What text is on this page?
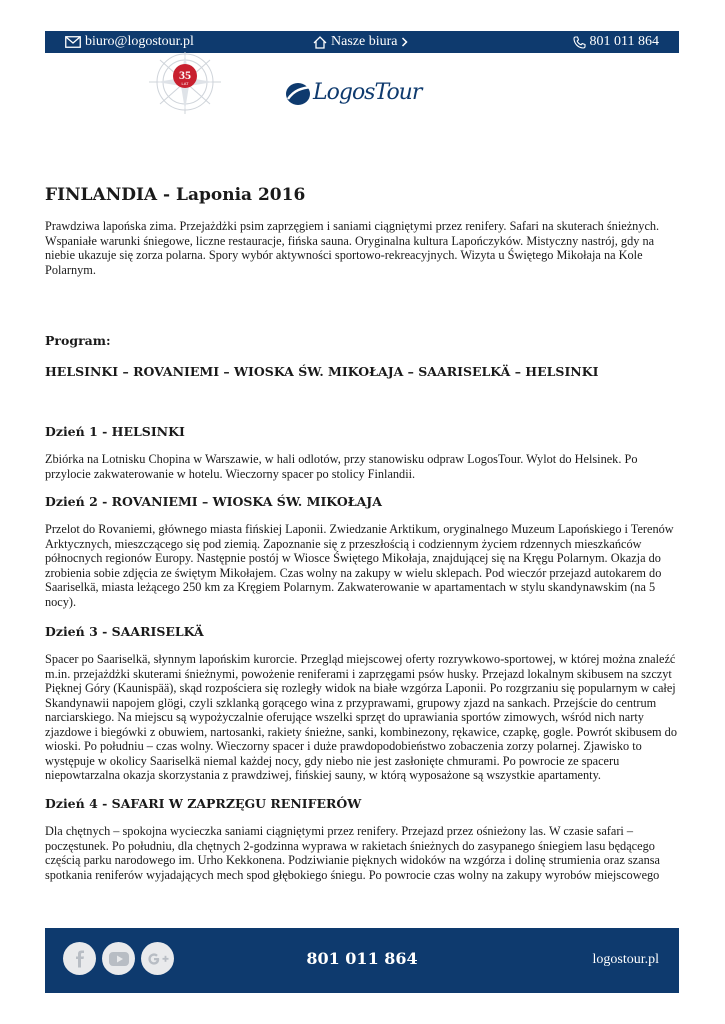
biuro@logostour.pl	Nasze biura	801 011 864
35
LAT	LogosTour
FINLANDIA - Laponia 2016

Prawdziwa lapońska zima. Przejażdżki psim zaprzęgiem i saniami ciągniętymi przez renifery. Safari na skuterach śnieżnych. Wspaniałe warunki śniegowe, liczne restauracje, fińska sauna. Oryginalna kultura Lapończyków. Mistyczny nastrój, gdy na niebie ukazuje się zorza polarna. Spory wybór aktywności sportowo-rekreacyjnych. Wizyta u Świętego Mikołaja na Kole Polarnym.

Program:

HELSINKI – ROVANIEMI – WIOSKA ŚW. MIKOŁAJA – SAARISELKÄ – HELSINKI

Dzień 1 - HELSINKI

Zbiórka na Lotnisku Chopina w Warszawie, w hali odlotów, przy stanowisku odpraw LogosTour. Wylot do Helsinek. Po przylocie zakwaterowanie w hotelu. Wieczorny spacer po stolicy Finlandii.

Dzień 2 - ROVANIEMI – WIOSKA ŚW. MIKOŁAJA

Przelot do Rovaniemi, głównego miasta fińskiej Laponii. Zwiedzanie Arktikum, oryginalnego Muzeum Lapońskiego i Terenów Arktycznych, mieszczącego się pod ziemią. Zapoznanie się z przeszłością i codziennym życiem rdzennych mieszkańców północnych regionów Europy. Następnie postój w Wiosce Świętego Mikołaja, znajdującej się na Kręgu Polarnym. Okazja do zrobienia sobie zdjęcia ze świętym Mikołajem. Czas wolny na zakupy w wielu sklepach. Pod wieczór przejazd autokarem do Saariselkä, miasta leżącego 250 km za Kręgiem Polarnym. Zakwaterowanie w apartamentach w stylu skandynawskim (na 5 nocy).

Dzień 3 - SAARISELKÄ

Spacer po Saariselkä, słynnym lapońskim kurorcie. Przegląd miejscowej oferty rozrywkowo-sportowej, w której można znaleźć m.in. przejażdżki skuterami śnieżnymi, powożenie reniferami i zaprzęgami psów husky. Przejazd lokalnym skibusem na szczyt Pięknej Góry (Kaunispää), skąd rozpościera się rozległy widok na białe wzgórza Laponii. Po rozgrzaniu się popularnym w całej Skandynawii napojem glögi, czyli szklanką gorącego wina z przyprawami, grupowy zjazd na sankach. Przejście do centrum narciarskiego. Na miejscu są wypożyczalnie oferujące wszelki sprzęt do uprawiania sportów zimowych, wśród nich narty zjazdowe i biegówki z obuwiem, nartosanki, rakiety śnieżne, sanki, kombinezony, rękawice, czapkę, gogle. Powrót skibusem do wioski. Po południu – czas wolny. Wieczorny spacer i duże prawdopodobieństwo zobaczenia zorzy polarnej. Zjawisko to występuje w okolicy Saariselkä niemal każdej nocy, gdy niebo nie jest zasłonięte chmurami. Po powrocie ze spaceru niepowtarzalna okazja skorzystania z prawdziwej, fińskiej sauny, w którą wyposażone są wszystkie apartamenty.

Dzień 4 - SAFARI W ZAPRZĘGU RENIFERÓW

Dla chętnych – spokojna wycieczka saniami ciągniętymi przez renifery. Przejazd przez ośnieżony las. W czasie safari – poczęstunek. Po południu, dla chętnych 2-godzinna wyprawa w rakietach śnieżnych do zasypanego śniegiem lasu będącego częścią parku narodowego im. Urho Kekkonena. Podziwianie pięknych widoków na wzgórza i dolinę strumienia oraz szansa spotkania reniferów wyjadających mech spod głębokiego śniegu. Po powrocie czas wolny na zakupy wyrobów miejscowego

801 011 864	logostour.pl
